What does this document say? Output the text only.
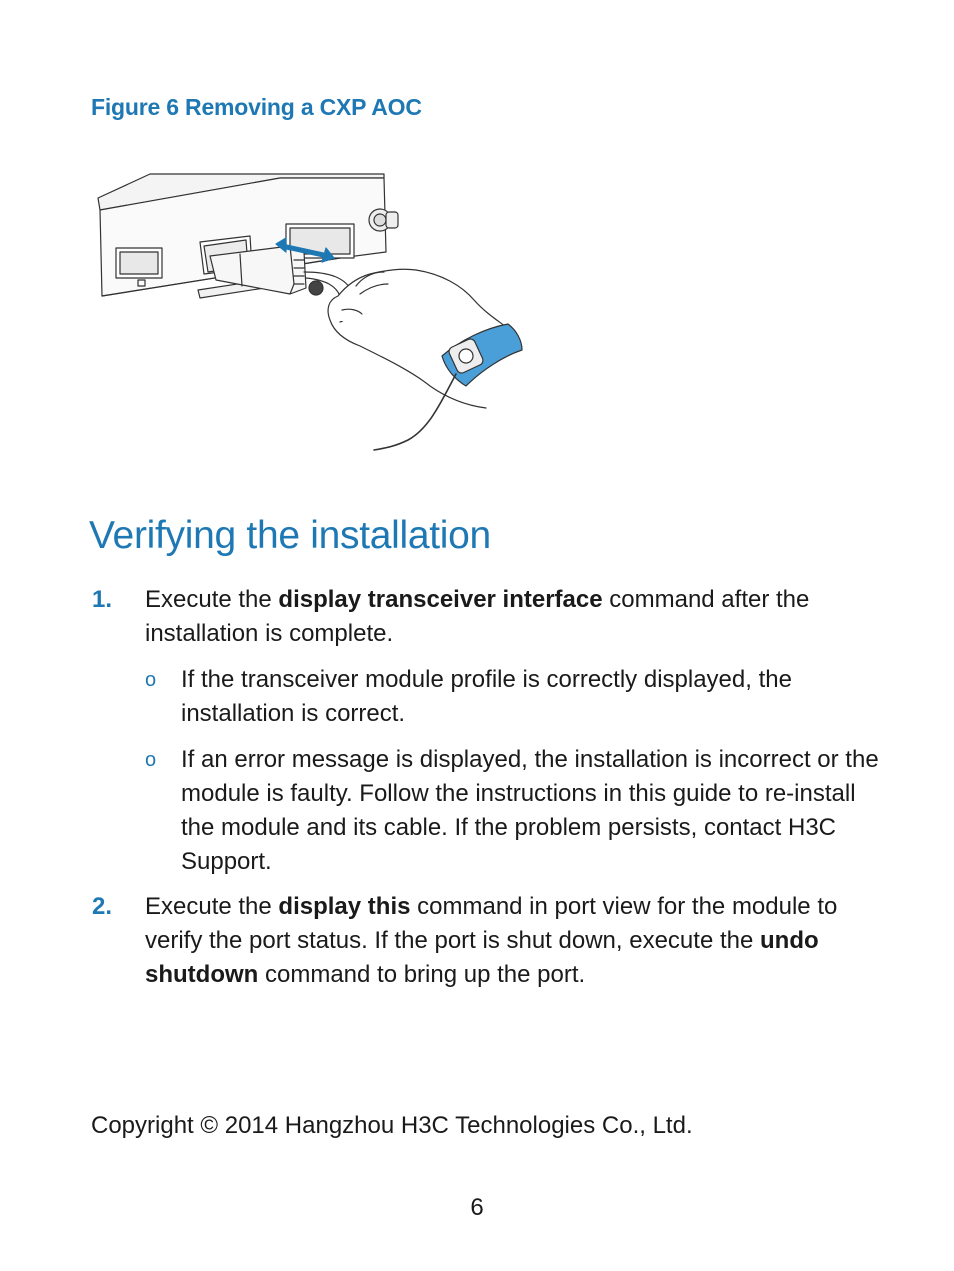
Figure 6 Removing a CXP AOC

Verifying the installation

1. Execute the display transceiver interface command after the installation is complete.

o If the transceiver module profile is correctly displayed, the installation is correct.

o If an error message is displayed, the installation is incorrect or the module is faulty. Follow the instructions in this guide to re-install the module and its cable. If the problem persists, contact H3C Support.

2. Execute the display this command in port view for the module to verify the port status. If the port is shut down, execute the undo shutdown command to bring up the port.

Copyright © 2014 Hangzhou H3C Technologies Co., Ltd.

6
